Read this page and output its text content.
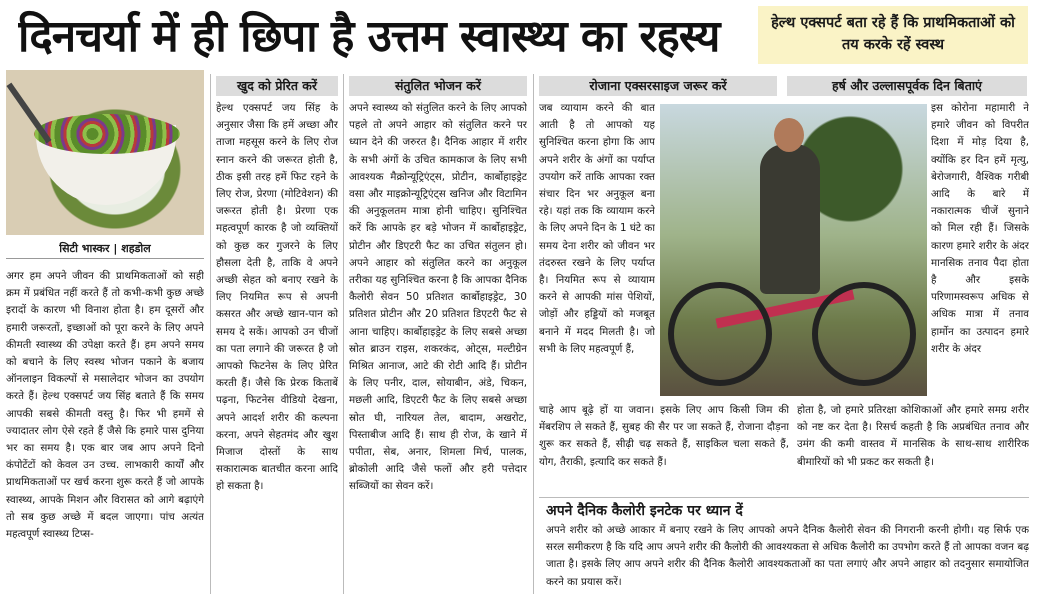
दिनचर्या में ही छिपा है उत्तम स्वास्थ्य का रहस्य	हेल्थ एक्सपर्ट बता रहे हैं कि प्राथमिकताओं को तय करके रहें स्वस्थ
सिटी भास्कर | शहडोल
अगर हम अपने जीवन की प्राथमिकताओं को सही क्रम में प्रबंधित नहीं करते हैं तो कभी-कभी कुछ अच्छे इरादों के कारण भी विनाश होता है। हम दूसरों और हमारी जरूरतों, इच्छाओं को पूरा करने के लिए अपने कीमती स्वास्थ्य की उपेक्षा करते हैं। हम अपने समय को बचाने के लिए स्वस्थ भोजन पकाने के बजाय ऑनलाइन विकल्पों से मसालेदार भोजन का उपयोग करते हैं। हेल्थ एक्सपर्ट जय सिंह बताते हैं कि समय आपकी सबसे कीमती वस्तु है। फिर भी हममें से ज्यादातर लोग ऐसे रहते हैं जैसे कि हमारे पास दुनिया भर का समय है। एक बार जब आप अपने दिनो कंपोटेंटों को केवल उन उच्च. लाभकारी कार्यों और प्राथमिकताओं पर खर्च करना शुरू करते हैं जो आपके स्वास्थ्य, आपके मिशन और विरासत को आगे बढ़ाएंगे तो सब कुछ अच्छे में बदल जाएगा। पांच अत्यंत महत्वपूर्ण स्वास्थ्य टिप्स-
खुद को प्रेरित करें
हेल्थ एक्सपर्ट जय सिंह के अनुसार जैसा कि हमें अच्छा और ताजा महसूस करने के लिए रोज स्नान करने की जरूरत होती है, ठीक इसी तरह हमें फिट रहने के लिए रोज, प्रेरणा (मोटिवेशन) की जरूरत होती है। प्रेरणा एक महत्वपूर्ण कारक है जो व्यक्तियों को कुछ कर गुजरने के लिए हौसला देती है, ताकि वे अपने अच्छी सेहत को बनाए रखने के लिए नियमित रूप से अपनी कसरत और अच्छे खान-पान को समय दे सकें। आपको उन चीजों का पता लगाने की जरूरत है जो आपको फिटनेस के लिए प्रेरित करती हैं। जैसे कि प्रेरक किताबें पढ़ना, फिटनेस वीडियो देखना, अपने आदर्श शरीर की कल्पना करना, अपने सेहतमंद और खुश मिजाज दोस्तों के साथ सकारात्मक बातचीत करना आदि हो सकता है।
संतुलित भोजन करें
अपने स्वास्थ्य को संतुलित करने के लिए आपको पहले तो अपने आहार को संतुलित करने पर ध्यान देने की जरुरत है। दैनिक आहार में शरीर के सभी अंगों के उचित कामकाज के लिए सभी आवश्यक मैक्रोन्यूट्रिएंट्स, प्रोटीन, कार्बोहाइड्रेट वसा और माइक्रोन्यूट्रिएंट्स खनिज और विटामिन की अनुकूलतम मात्रा होनी चाहिए। सुनिश्चित करें कि आपके हर बड़े भोजन में कार्बोहाइड्रेट, प्रोटीन और डिएटरी फैट का उचित संतुलन हो। अपने आहार को संतुलित करने का अनुकूल तरीका यह सुनिश्चित करना है कि आपका दैनिक कैलोरी सेवन 50 प्रतिशत कार्बोहाइड्रेट, 30 प्रतिशत प्रोटीन और 20 प्रतिशत डिएटरी फैट से आना चाहिए। कार्बोहाइड्रेट के लिए सबसे अच्छा स्रोत ब्राउन राइस, शकरकंद, ओट्स, मल्टीग्रेन मिश्रित आनाज, आटे की रोटी आदि हैं। प्रोटीन के लिए पनीर, दाल, सोयाबीन, अंडे, चिकन, मछली आदि, डिएटरी फैट के लिए सबसे अच्छा स्रोत घी, नारियल तेल, बादाम, अखरोट, पिस्ताबीज आदि हैं। साथ ही रोज, के खाने में पपीता, सेब, अनार, शिमला मिर्च, पालक, ब्रोकोली आदि जैसे फलों और हरी पत्तेदार सब्जियों का सेवन करें।
रोजाना एक्सरसाइज जरूर करें
जब व्यायाम करने की बात आती है तो आपको यह सुनिश्चित करना होगा कि आप अपने शरीर के अंगों का पर्याप्त उपयोग करें ताकि आपका रक्त संचार दिन भर अनुकूल बना रहे। यहां तक कि व्यायाम करने के लिए अपने दिन के 1 घंटे का समय देना शरीर को जीवन भर तंदरुस्त रखने के लिए पर्याप्त है। नियमित रूप से व्यायाम करने से आपकी मांस पेशियों, जोड़ों और हड्डियों को मजबूत बनाने में मदद मिलती है। जो सभी के लिए महत्वपूर्ण हैं,
चाहे आप बूढ़े हों या जवान। इसके लिए आप किसी जिम की मेंबरशिप ले सकते हैं, सुबह की सैर पर जा सकते हैं, रोजाना दौड़ना शुरू कर सकते हैं, सीढ़ी चढ़ सकते हैं, साइकिल चला सकते हैं, योग, तैराकी, इत्यादि कर सकते हैं।
हर्ष और उल्लासपूर्वक दिन बिताएं
इस कोरोना महामारी ने हमारे जीवन को विपरीत दिशा में मोड़ दिया है, क्योंकि हर दिन हमें मृत्यु, बेरोजगारी, वैश्विक गरीबी आदि के बारे में नकारात्मक चीजें सुनाने को मिल रही हैं। जिसके कारण हमारे शरीर के अंदर मानसिक तनाव पैदा होता है और इसके परिणामस्वरूप अधिक से अधिक मात्रा में तनाव हार्मोन का उत्पादन हमारे शरीर के अंदर
होता है, जो हमारे प्रतिरक्षा कोशिकाओं और हमारे समग्र शरीर को नष्ट कर देता है। रिसर्च कहती है कि अप्रबंधित तनाव और उमंग की कमी वास्तव में मानसिक के साथ-साथ शारीरिक बीमारियों को भी प्रकट कर सकती है।
अपने दैनिक कैलोरी इनटेक पर ध्यान दें
अपने शरीर को अच्छे आकार में बनाए रखने के लिए आपको अपने दैनिक कैलोरी सेवन की निगरानी करनी होगी। यह सिर्फ एक सरल समीकरण है कि यदि आप अपने शरीर की कैलोरी की आवश्यकता से अधिक कैलोरी का उपभोग करते हैं तो आपका वजन बढ़ जाता है। इसके लिए आप अपने शरीर की दैनिक कैलोरी आवश्यकताओं का पता लगाएं और अपने आहार को तदनुसार समायोजित करने का प्रयास करें।
